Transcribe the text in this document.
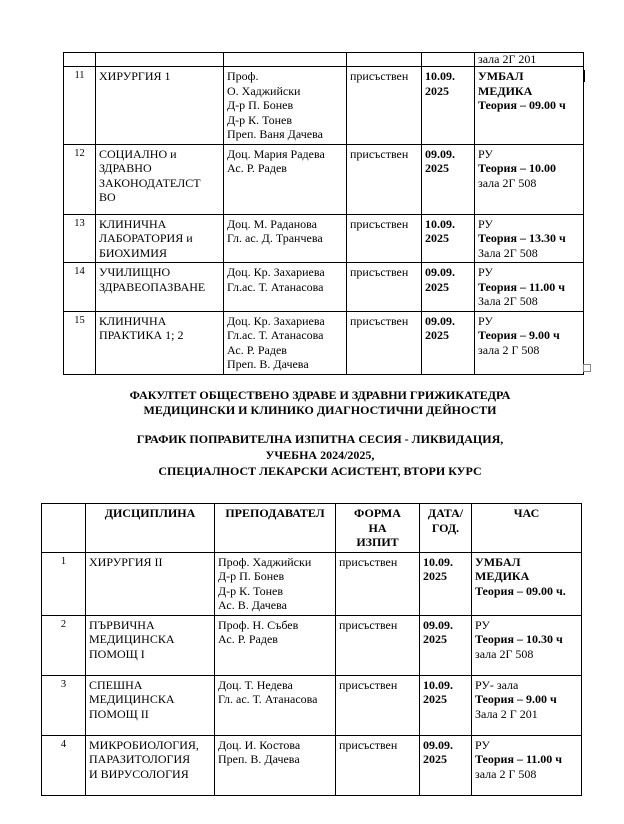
					зала 2Г 201
11	ХИРУРГИЯ 1	Проф.
О. Хаджийски
Д-р П. Бонев
Д-р К. Тонев
Преп. Ваня Дачева	присъствен	10.09.
2025	УМБАЛ
МЕДИКА
Теория – 09.00 ч

12	СОЦИАЛНО и
ЗДРАВНО
ЗАКОНОДАТЕЛСТ
ВО	Доц. Мария Радева
Ас. Р. Радев	присъствен	09.09.
2025	РУ
Теория – 10.00
зала 2Г 508

13	КЛИНИЧНА
ЛАБОРАТОРИЯ и
БИОХИМИЯ	Доц. М. Раданова
Гл. ас. Д. Транчева	присъствен	10.09.
2025	РУ
Теория – 13.30 ч
Зала 2Г 508

14	УЧИЛИЩНО
ЗДРАВЕОПАЗВАНЕ	Доц. Кр. Захариева
Гл.ас. Т. Атанасова	присъствен	09.09.
2025	РУ
Теория – 11.00 ч
Зала 2Г 508

15	КЛИНИЧНА
ПРАКТИКА 1; 2	Доц. Кр. Захариева
Гл.ас. Т. Атанасова
Ас. Р. Радев
Преп. В. Дачева	присъствен	09.09.
2025	РУ
Теория – 9.00 ч
зала 2 Г 508
ФАКУЛТЕТ ОБЩЕСТВЕНО ЗДРАВЕ И ЗДРАВНИ ГРИЖИКАТЕДРА
МЕДИЦИНСКИ И КЛИНИКО ДИАГНОСТИЧНИ ДЕЙНОСТИ
ГРАФИК ПОПРАВИТЕЛНА ИЗПИТНА СЕСИЯ - ЛИКВИДАЦИЯ,
УЧЕБНА 2024/2025,
СПЕЦИАЛНОСТ ЛЕКАРСКИ АСИСТЕНТ, ВТОРИ КУРС
	ДИСЦИПЛИНА	ПРЕПОДАВАТЕЛ	ФОРМА
НА
ИЗПИТ	ДАТА/
ГОД.	ЧАС
1	ХИРУРГИЯ II	Проф. Хаджийски
Д-р П. Бонев
Д-р К. Тонев
Ас. В. Дачева	присъствен	10.09.
2025	УМБАЛ
МЕДИКА
Теория – 09.00 ч.

2	ПЪРВИЧНА
МЕДИЦИНСКА
ПОМОЩ I	Проф. Н. Събев
Ас. Р. Радев	присъствен	09.09.
2025	РУ
Теория – 10.30 ч
зала 2Г 508

3	СПЕШНА
МЕДИЦИНСКА
ПОМОЩ II	Доц. Т. Недева
Гл. ас. Т. Атанасова	присъствен	10.09.
2025	РУ- зала
Теория – 9.00 ч
Зала 2 Г 201

4	МИКРОБИОЛОГИЯ,
ПАРАЗИТОЛОГИЯ
И ВИРУСОЛОГИЯ	Доц. И. Костова
Преп. В. Дачева	присъствен	09.09.
2025	РУ
Теория – 11.00 ч
зала 2 Г 508
